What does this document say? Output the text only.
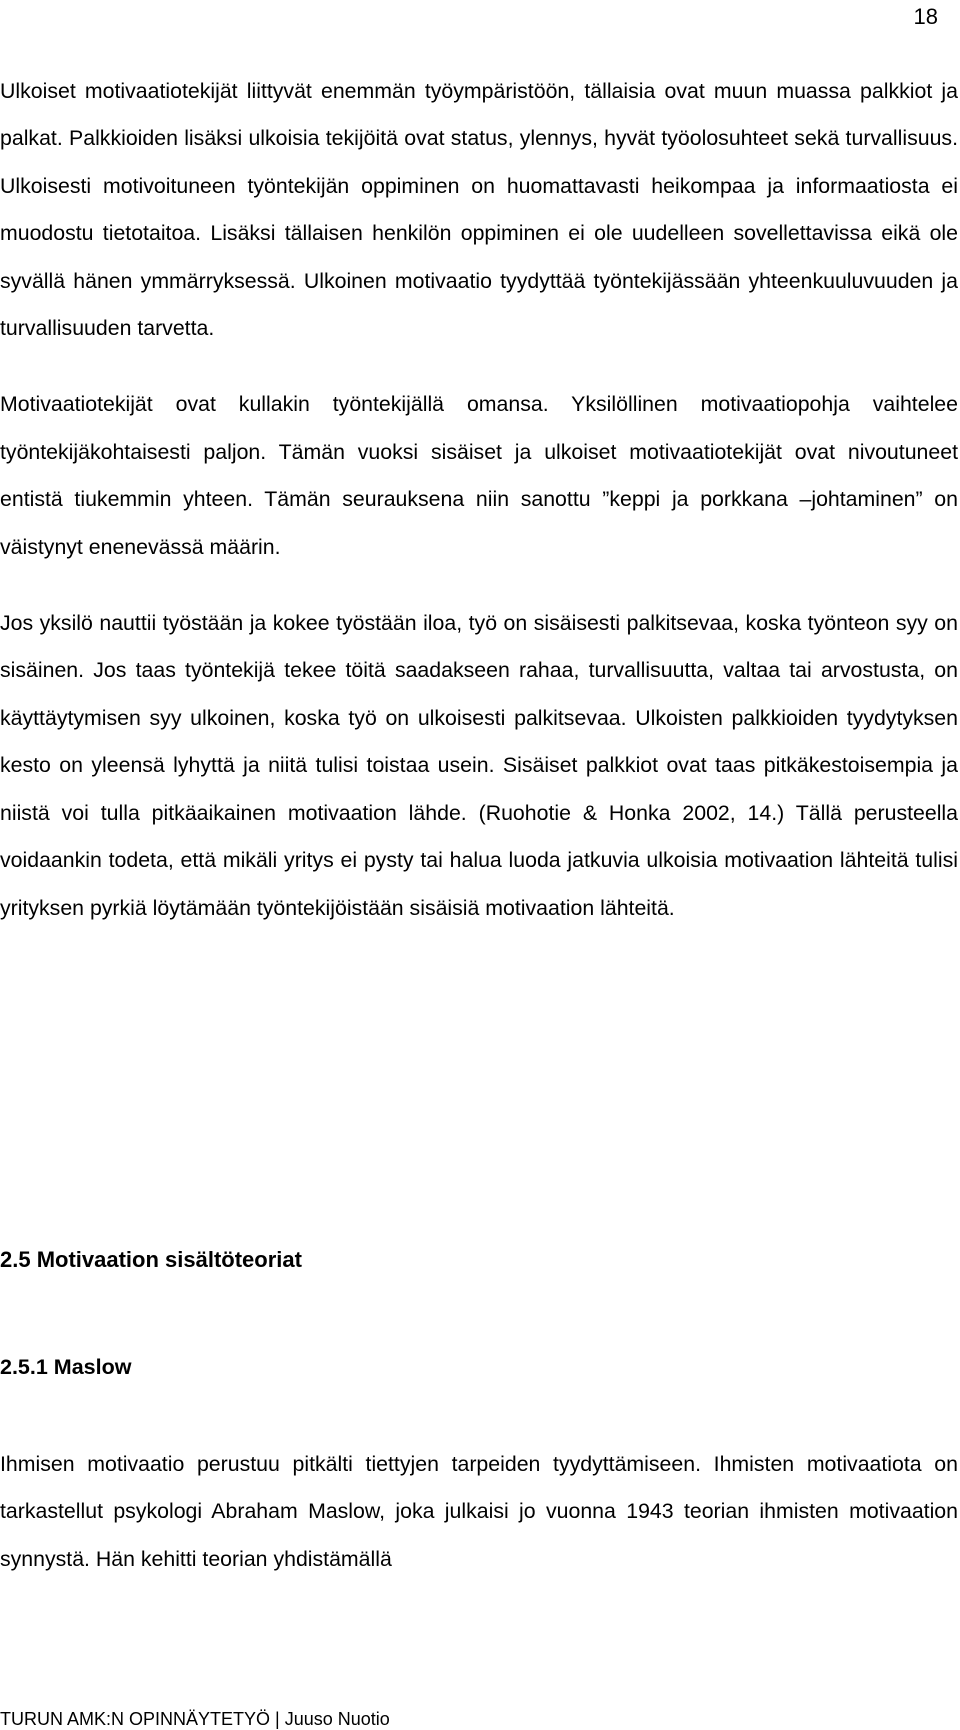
18

Ulkoiset motivaatiotekijät liittyvät enemmän työympäristöön, tällaisia ovat muun muassa palkkiot ja palkat. Palkkioiden lisäksi ulkoisia tekijöitä ovat status, ylennys, hyvät työolosuhteet sekä turvallisuus. Ulkoisesti motivoituneen työntekijän oppiminen on huomattavasti heikompaa ja informaatiosta ei muodostu tietotaitoa. Lisäksi tällaisen henkilön oppiminen ei ole uudelleen sovellettavissa eikä ole syvällä hänen ymmärryksessä. Ulkoinen motivaatio tyydyttää työntekijässään yhteenkuuluvuuden ja turvallisuuden tarvetta.

Motivaatiotekijät ovat kullakin työntekijällä omansa. Yksilöllinen motivaatiopohja vaihtelee työntekijäkohtaisesti paljon. Tämän vuoksi sisäiset ja ulkoiset motivaatiotekijät ovat nivoutuneet entistä tiukemmin yhteen. Tämän seurauksena niin sanottu ”keppi ja porkkana –johtaminen” on väistynyt enenevässä määrin.

Jos yksilö nauttii työstään ja kokee työstään iloa, työ on sisäisesti palkitsevaa, koska työnteon syy on sisäinen. Jos taas työntekijä tekee töitä saadakseen rahaa, turvallisuutta, valtaa tai arvostusta, on käyttäytymisen syy ulkoinen, koska työ on ulkoisesti palkitsevaa. Ulkoisten palkkioiden tyydytyksen kesto on yleensä lyhyttä ja niitä tulisi toistaa usein. Sisäiset palkkiot ovat taas pitkäkestoisempia ja niistä voi tulla pitkäaikainen motivaation lähde. (Ruohotie & Honka 2002, 14.) Tällä perusteella voidaankin todeta, että mikäli yritys ei pysty tai halua luoda jatkuvia ulkoisia motivaation lähteitä tulisi yrityksen pyrkiä löytämään työntekijöistään sisäisiä motivaation lähteitä.

2.5 Motivaation sisältöteoriat
2.5.1 Maslow

Ihmisen motivaatio perustuu pitkälti tiettyjen tarpeiden tyydyttämiseen. Ihmisten motivaatiota on tarkastellut psykologi Abraham Maslow, joka julkaisi jo vuonna 1943 teorian ihmisten motivaation synnystä. Hän kehitti teorian yhdistämällä

TURUN AMK:N OPINNÄYTETYÖ | Juuso Nuotio
